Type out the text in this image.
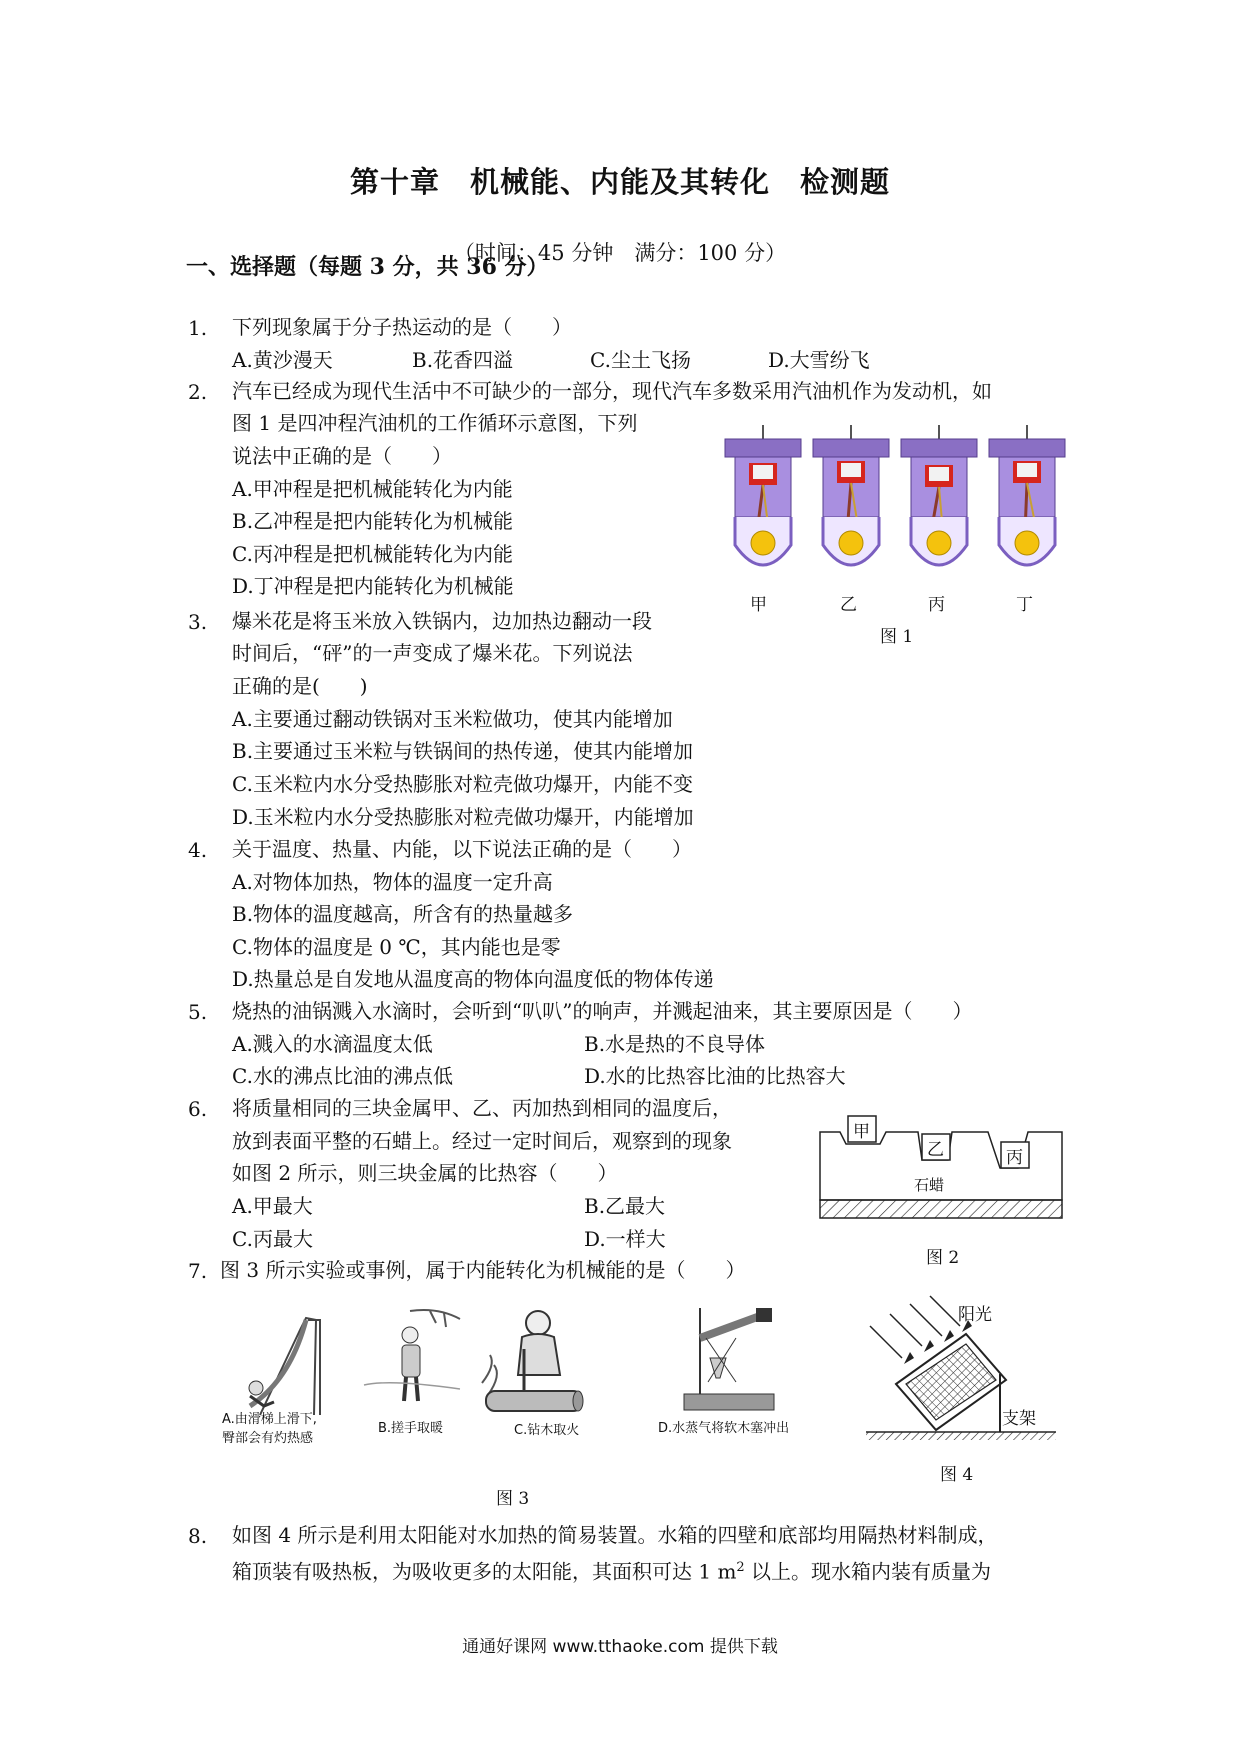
第十章　机械能、内能及其转化　检测题
（时间：45 分钟　满分：100 分）
一、选择题（每题 3 分，共 36 分）
1. 下列现象属于分子热运动的是（　　）
A.黄沙漫天	B.花香四溢	C.尘土飞扬	D.大雪纷飞
2. 汽车已经成为现代生活中不可缺少的一部分，现代汽车多数采用汽油机作为发动机，如
图 1 是四冲程汽油机的工作循环示意图，下列
说法中正确的是（　　）
A.甲冲程是把机械能转化为内能
B.乙冲程是把内能转化为机械能
C.丙冲程是把机械能转化为内能
D.丁冲程是把内能转化为机械能
甲	乙	丙	丁
图 1
3. 爆米花是将玉米放入铁锅内，边加热边翻动一段
时间后，“砰”的一声变成了爆米花。下列说法
正确的是(　　)
A.主要通过翻动铁锅对玉米粒做功，使其内能增加
B.主要通过玉米粒与铁锅间的热传递，使其内能增加
C.玉米粒内水分受热膨胀对粒壳做功爆开，内能不变
D.玉米粒内水分受热膨胀对粒壳做功爆开，内能增加
4. 关于温度、热量、内能，以下说法正确的是（　　）
A.对物体加热，物体的温度一定升高
B.物体的温度越高，所含有的热量越多
C.物体的温度是 0 ℃，其内能也是零
D.热量总是自发地从温度高的物体向温度低的物体传递
5. 烧热的油锅溅入水滴时，会听到“叭叭”的响声，并溅起油来，其主要原因是（　　）
A.溅入的水滴温度太低	B.水是热的不良导体
C.水的沸点比油的沸点低	D.水的比热容比油的比热容大
6. 将质量相同的三块金属甲、乙、丙加热到相同的温度后，
放到表面平整的石蜡上。经过一定时间后，观察到的现象
如图 2 所示，则三块金属的比热容（　　）
A.甲最大	B.乙最大
C.丙最大	D.一样大
甲
乙	丙
石蜡
图 2
7. 图 3 所示实验或事例，属于内能转化为机械能的是（　　）
A.由滑梯上滑下,
臀部会有灼热感
B.搓手取暖	C.钻木取火	D.水蒸气将软木塞冲出
图 3
阳光
支架
图 4
8. 如图 4 所示是利用太阳能对水加热的简易装置。水箱的四壁和底部均用隔热材料制成，
箱顶装有吸热板，为吸收更多的太阳能，其面积可达 1 $m^2$ 以上。现水箱内装有质量为
通通好课网 www.tthaoke.com 提供下载
